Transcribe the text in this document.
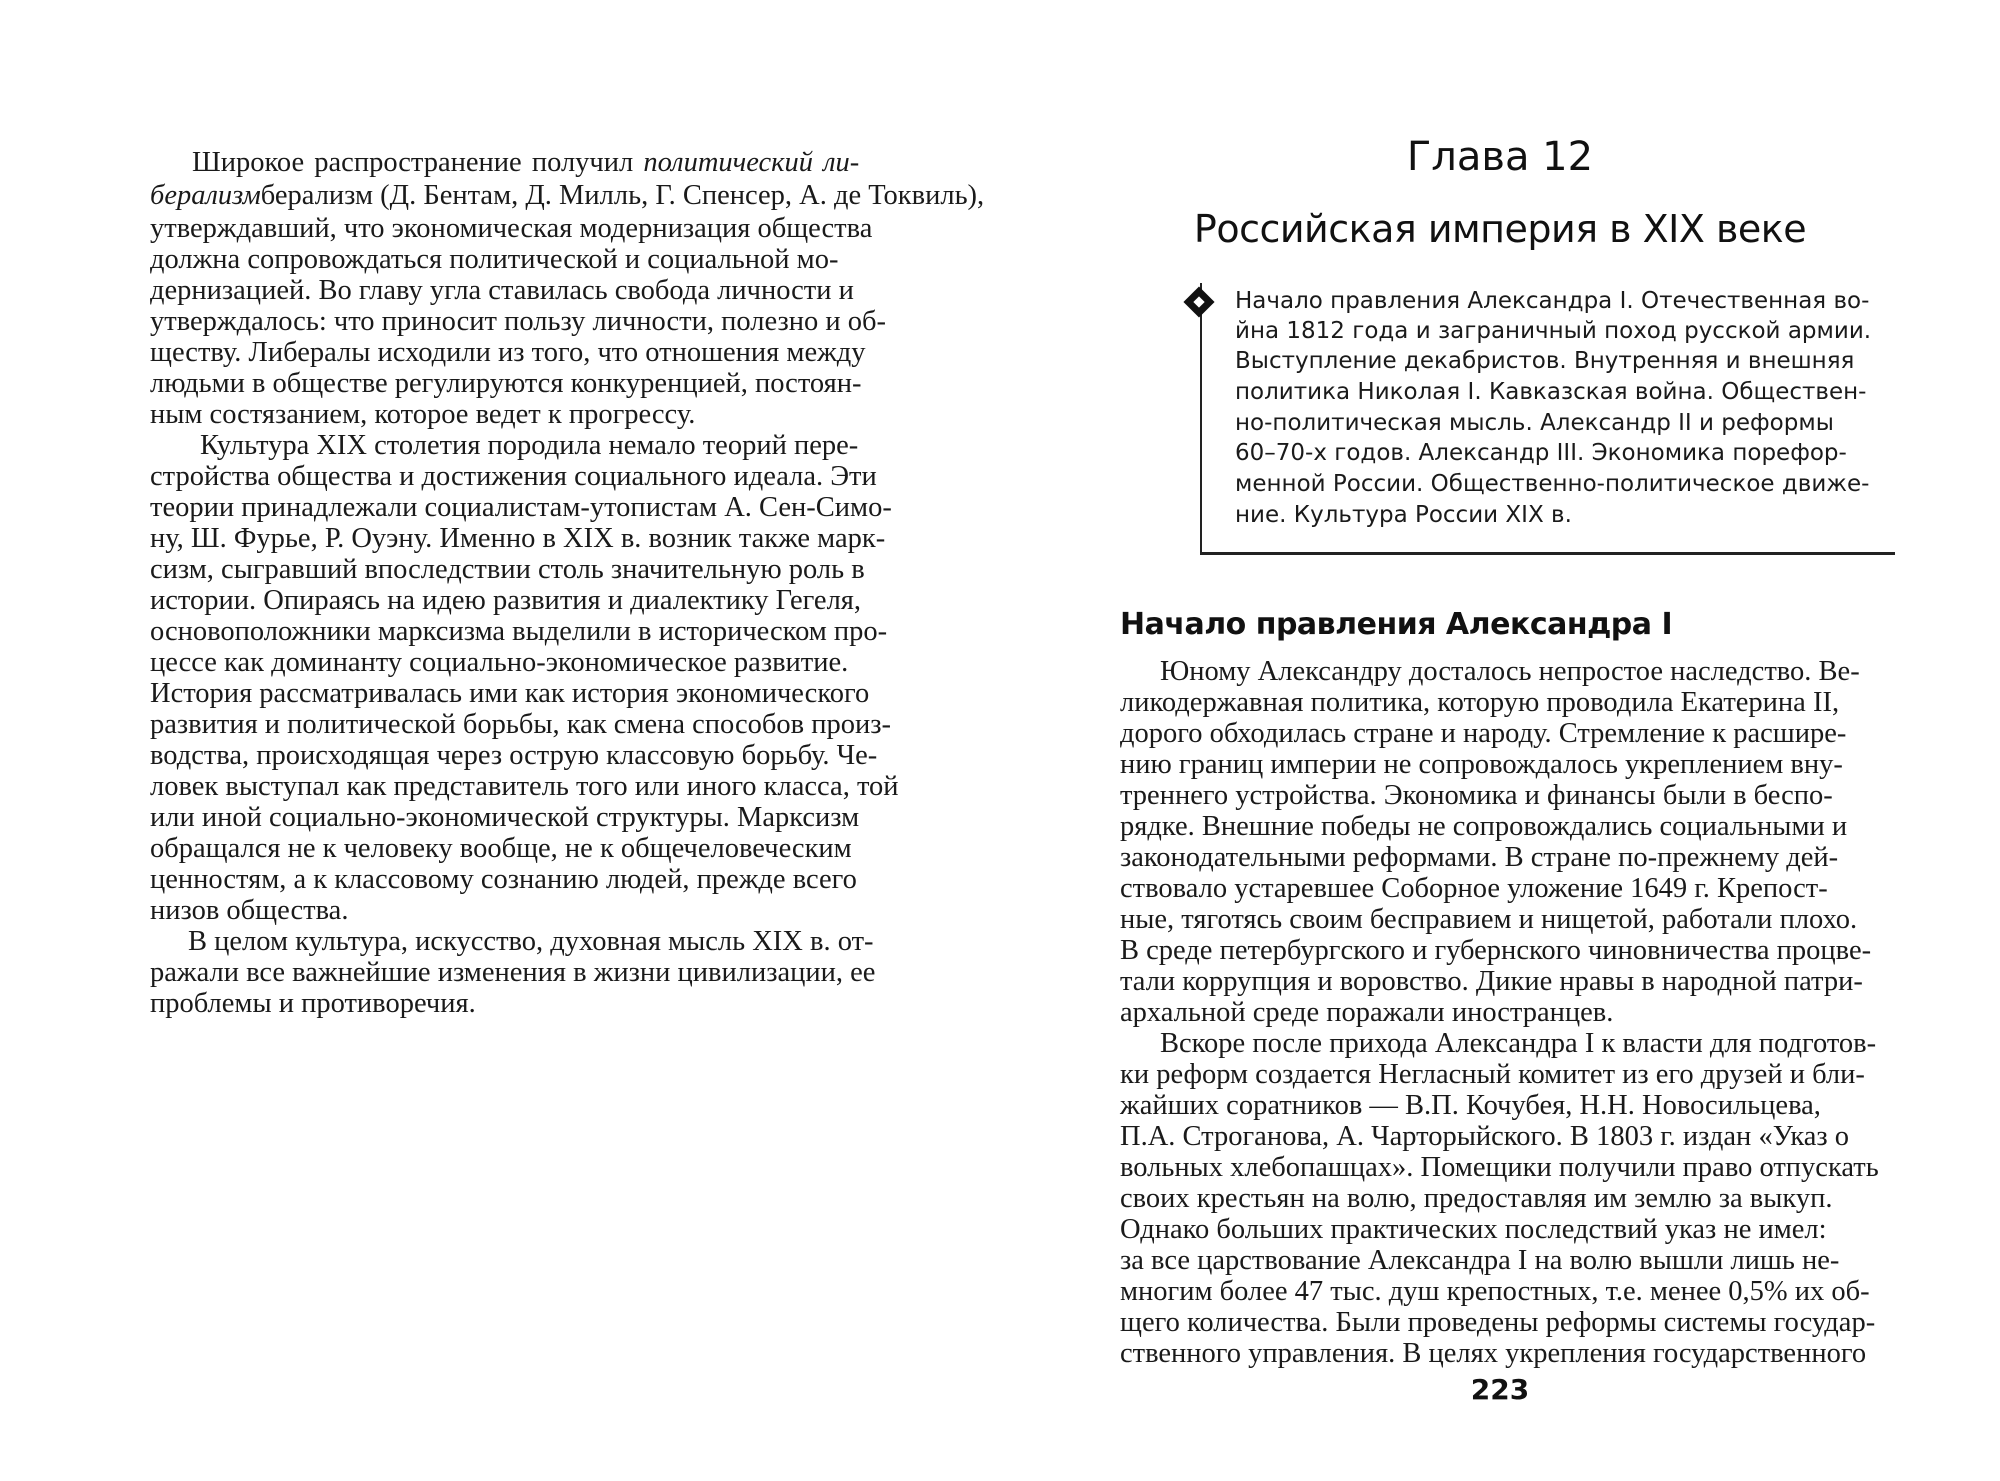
Широкое распространение получил политический ли-
берализмберализм (Д. Бентам, Д. Милль, Г. Спенсер, А. де Токвиль),
утверждавший, что экономическая модернизация общества
должна сопровождаться политической и социальной мо-
дернизацией. Во главу угла ставилась свобода личности и
утверждалось: что приносит пользу личности, полезно и об-
ществу. Либералы исходили из того, что отношения между
людьми в обществе регулируются конкуренцией, постоян-
ным состязанием, которое ведет к прогрессу.
Культура XIX столетия породила немало теорий пере-
стройства общества и достижения социального идеала. Эти
теории принадлежали социалистам-утопистам А. Сен-Симо-
ну, Ш. Фурье, Р. Оуэну. Именно в XIX в. возник также марк-
сизм, сыгравший впоследствии столь значительную роль в
истории. Опираясь на идею развития и диалектику Гегеля,
основоположники марксизма выделили в историческом про-
цессе как доминанту социально-экономическое развитие.
История рассматривалась ими как история экономического
развития и политической борьбы, как смена способов произ-
водства, происходящая через острую классовую борьбу. Че-
ловек выступал как представитель того или иного класса, той
или иной социально-экономической структуры. Марксизм
обращался не к человеку вообще, не к общечеловеческим
ценностям, а к классовому сознанию людей, прежде всего
низов общества.
В целом культура, искусство, духовная мысль XIX в. от-
ражали все важнейшие изменения в жизни цивилизации, ее
проблемы и противоречия.
Глава 12
Российская империя в XIX веке
Начало правления Александра I. Отечественная во-
йна 1812 года и заграничный поход русской армии.
Выступление декабристов. Внутренняя и внешняя
политика Николая I. Кавказская война. Обществен-
но-политическая мысль. Александр II и реформы
60–70-х годов. Александр III. Экономика порефор-
менной России. Общественно-политическое движе-
ние. Культура России XIX в.
Начало правления Александра I
Юному Александру досталось непростое наследство. Ве-
ликодержавная политика, которую проводила Екатерина II,
дорого обходилась стране и народу. Стремление к расшире-
нию границ империи не сопровождалось укреплением вну-
треннего устройства. Экономика и финансы были в беспо-
рядке. Внешние победы не сопровождались социальными и
законодательными реформами. В стране по-прежнему дей-
ствовало устаревшее Соборное уложение 1649 г. Крепост-
ные, тяготясь своим бесправием и нищетой, работали плохо.
В среде петербургского и губернского чиновничества процве-
тали коррупция и воровство. Дикие нравы в народной патри-
архальной среде поражали иностранцев.
Вскоре после прихода Александра I к власти для подготов-
ки реформ создается Негласный комитет из его друзей и бли-
жайших соратников — В.П. Кочубея, Н.Н. Новосильцева,
П.А. Строганова, А. Чарторыйского. В 1803 г. издан «Указ о
вольных хлебопашцах». Помещики получили право отпускать
своих крестьян на волю, предоставляя им землю за выкуп.
Однако больших практических последствий указ не имел:
за все царствование Александра I на волю вышли лишь не-
многим более 47 тыс. душ крепостных, т.е. менее 0,5% их об-
щего количества. Были проведены реформы системы государ-
ственного управления. В целях укрепления государственного
223
